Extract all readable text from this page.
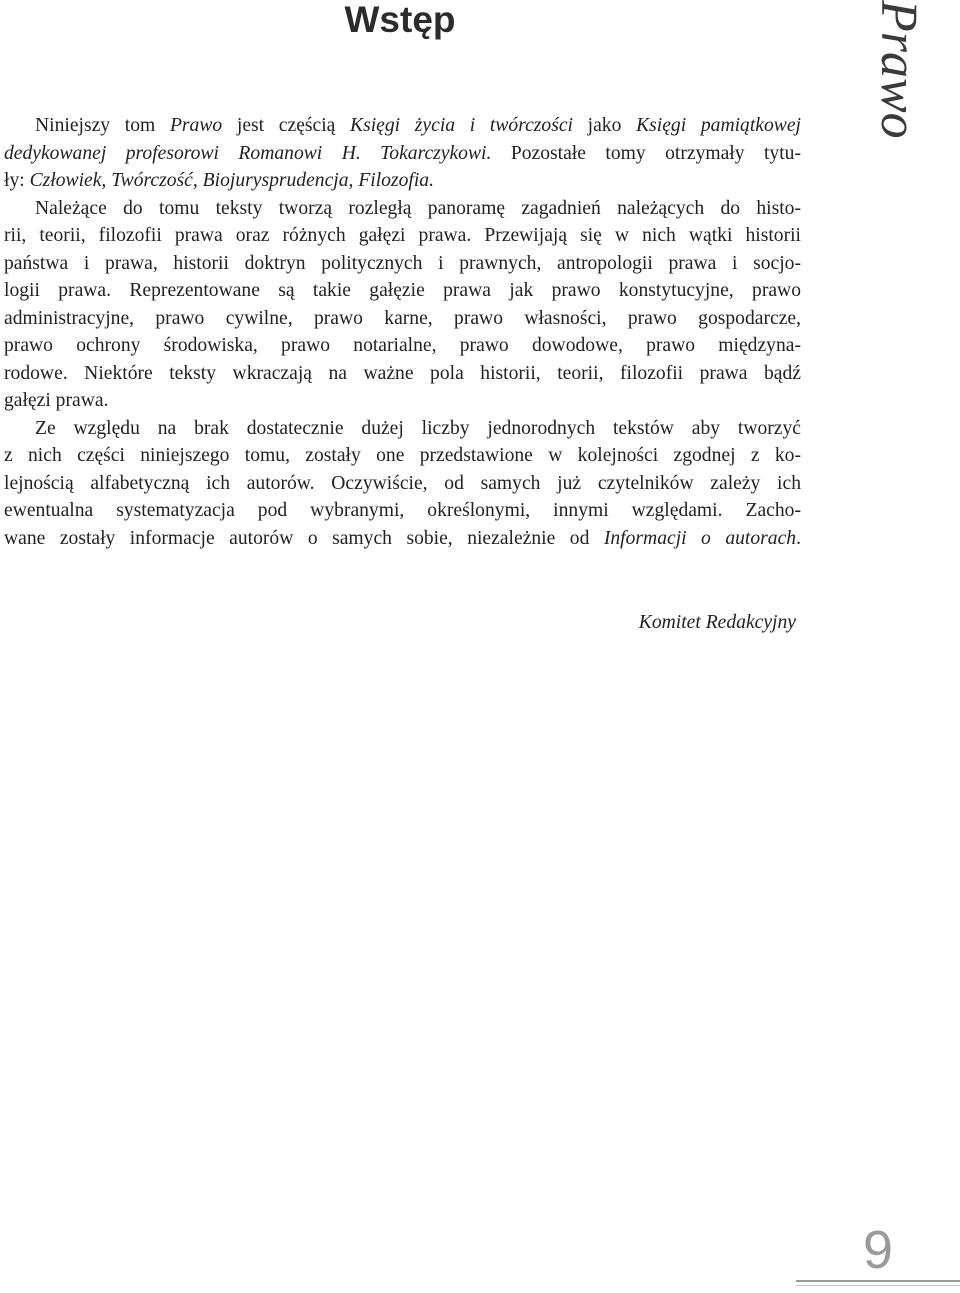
Wstęp	Prawo

Niniejszy tom Prawo jest częścią Księgi życia i twórczości jako Księgi pamiątkowej
dedykowanej profesorowi Romanowi H. Tokarczykowi. Pozostałe tomy otrzymały tytu-
ły: Człowiek, Twórczość, Biojurysprudencja, Filozofia.

Należące do tomu teksty tworzą rozległą panoramę zagadnień należących do histo-
rii, teorii, filozofii prawa oraz różnych gałęzi prawa. Przewijają się w nich wątki historii
państwa i prawa, historii doktryn politycznych i prawnych, antropologii prawa i socjo-
logii prawa. Reprezentowane są takie gałęzie prawa jak prawo konstytucyjne, prawo
administracyjne, prawo cywilne, prawo karne, prawo własności, prawo gospodarcze,
prawo ochrony środowiska, prawo notarialne, prawo dowodowe, prawo międzyna-
rodowe. Niektóre teksty wkraczają na ważne pola historii, teorii, filozofii prawa bądź
gałęzi prawa.

Ze względu na brak dostatecznie dużej liczby jednorodnych tekstów aby tworzyć
z nich części niniejszego tomu, zostały one przedstawione w kolejności zgodnej z ko-
lejnością alfabetyczną ich autorów. Oczywiście, od samych już czytelników zależy ich
ewentualna systematyzacja pod wybranymi, określonymi, innymi względami. Zacho-
wane zostały informacje autorów o samych sobie, niezależnie od Informacji o autorach.

Komitet Redakcyjny
9
